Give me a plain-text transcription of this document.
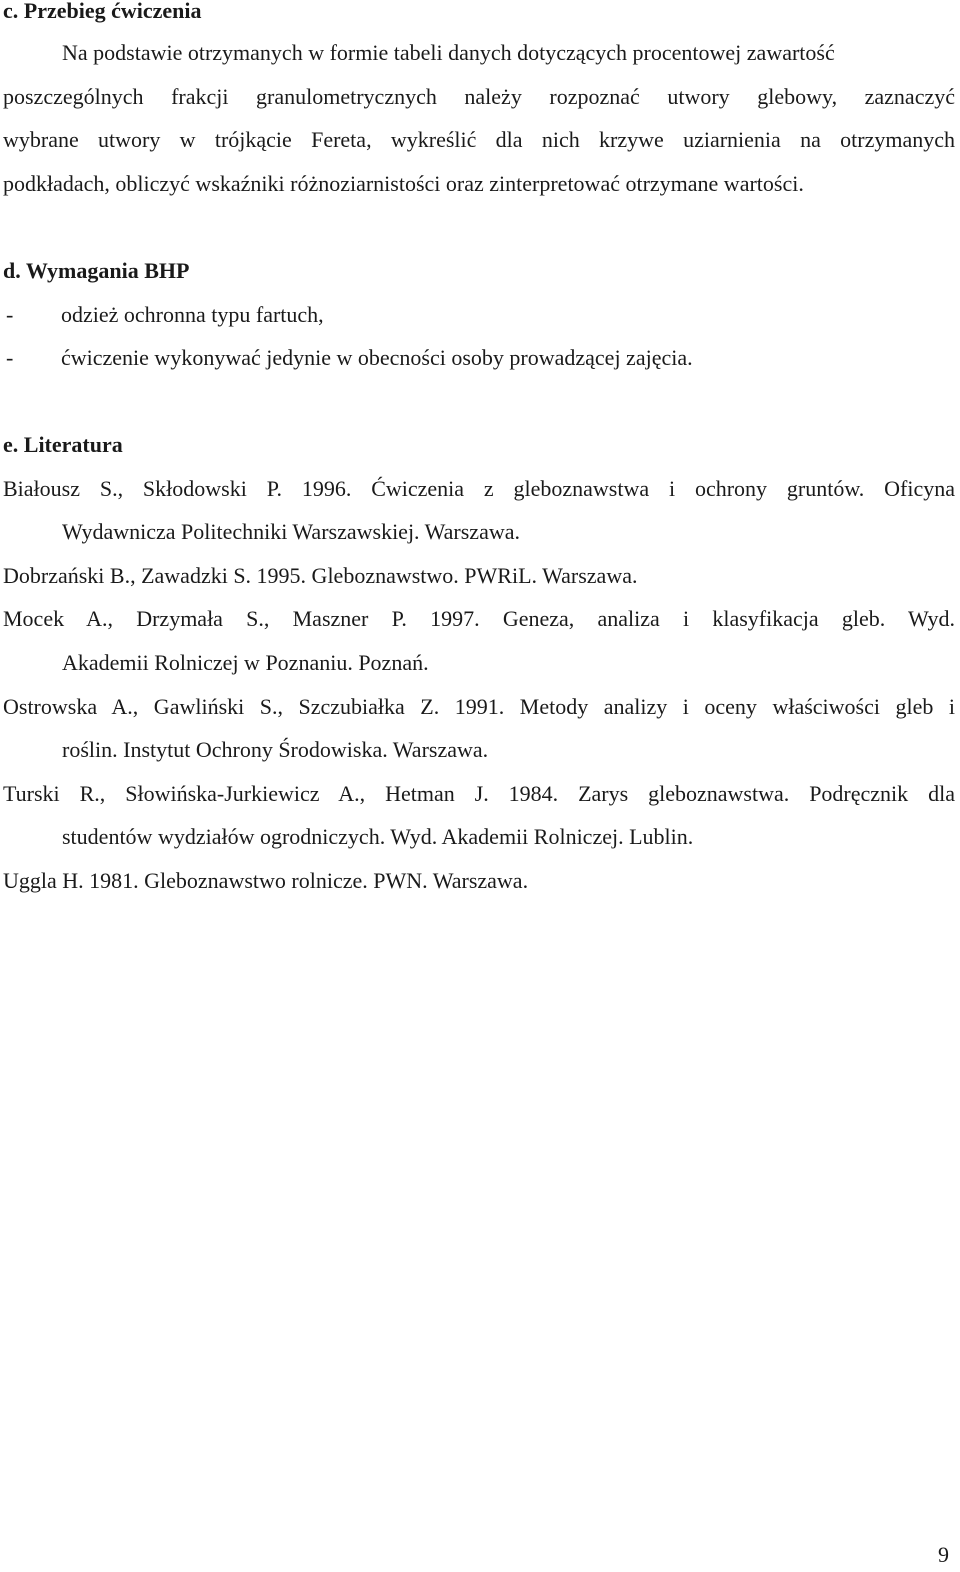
c. Przebieg ćwiczenia
Na podstawie otrzymanych w formie tabeli danych dotyczących procentowej zawartość
poszczególnych frakcji granulometrycznych należy rozpoznać utwory glebowy, zaznaczyć
wybrane utwory w trójkącie Fereta, wykreślić dla nich krzywe uziarnienia na otrzymanych
podkładach, obliczyć wskaźniki różnoziarnistości oraz zinterpretować otrzymane wartości.
d. Wymagania BHP
- odzież ochronna typu fartuch,
- ćwiczenie wykonywać jedynie w obecności osoby prowadzącej zajęcia.
e. Literatura
Białousz S., Skłodowski P. 1996. Ćwiczenia z gleboznawstwa i ochrony gruntów. Oficyna
Wydawnicza Politechniki Warszawskiej. Warszawa.
Dobrzański B., Zawadzki S. 1995. Gleboznawstwo. PWRiL. Warszawa.
Mocek A., Drzymała S., Maszner P. 1997. Geneza, analiza i klasyfikacja gleb. Wyd.
Akademii Rolniczej w Poznaniu. Poznań.
Ostrowska A., Gawliński S., Szczubiałka Z. 1991. Metody analizy i oceny właściwości gleb i
roślin. Instytut Ochrony Środowiska. Warszawa.
Turski R., Słowińska-Jurkiewicz A., Hetman J. 1984. Zarys gleboznawstwa. Podręcznik dla
studentów wydziałów ogrodniczych. Wyd. Akademii Rolniczej. Lublin.
Uggla H. 1981. Gleboznawstwo rolnicze. PWN. Warszawa.
9
